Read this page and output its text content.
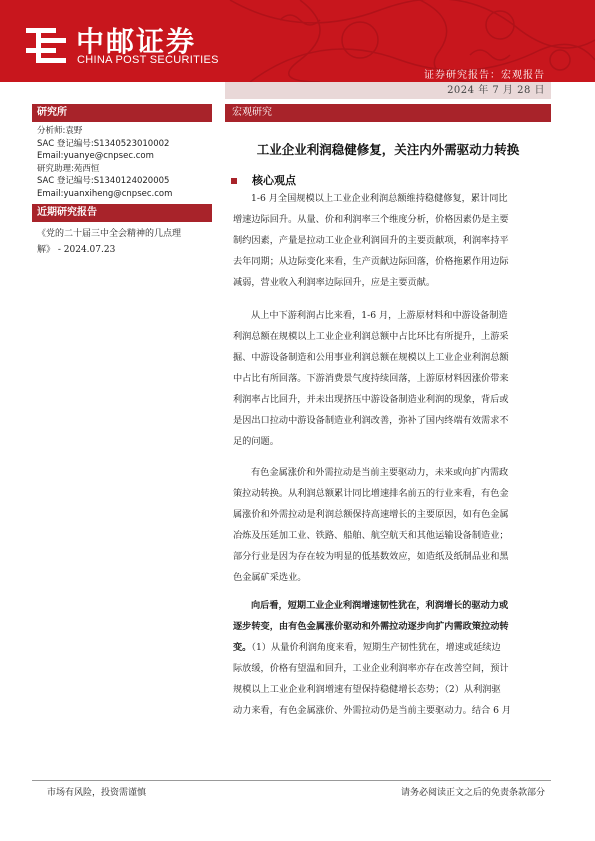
中邮证券
CHINA POST SECURITIES
证券研究报告：宏观报告
2024 年 7 月 28 日
研究所
分析师:袁野
SAC 登记编号:S1340523010002
Email:yuanye@cnpsec.com
研究助理:苑西恒
SAC 登记编号:S1340124020005
Email:yuanxiheng@cnpsec.com
近期研究报告
《党的二十届三中全会精神的几点理
解》 - 2024.07.23
宏观研究
工业企业利润稳健修复，关注内外需驱动力转换
核心观点
1-6 月全国规模以上工业企业利润总额维持稳健修复，累计同比
增速边际回升。从量、价和利润率三个维度分析，价格因素仍是主要
制约因素，产量是拉动工业企业利润回升的主要贡献项，利润率持平
去年同期；从边际变化来看，生产贡献边际回落，价格拖累作用边际
减弱，营业收入利润率边际回升，应是主要贡献。
从上中下游利润占比来看，1-6 月，上游原材料和中游设备制造
利润总额在规模以上工业企业利润总额中占比环比有所提升，上游采
掘、中游设备制造和公用事业利润总额在规模以上工业企业利润总额
中占比有所回落。下游消费景气度持续回落，上游原材料因涨价带来
利润率占比回升，并未出现挤压中游设备制造业利润的现象，背后或
是因出口拉动中游设备制造业利润改善，弥补了国内终端有效需求不
足的问题。
有色金属涨价和外需拉动是当前主要驱动力，未来或向扩内需政
策拉动转换。从利润总额累计同比增速排名前五的行业来看，有色金
属涨价和外需拉动是利润总额保持高速增长的主要原因，如有色金属
冶炼及压延加工业、铁路、船舶、航空航天和其他运输设备制造业；
部分行业是因为存在较为明显的低基数效应，如造纸及纸制品业和黑
色金属矿采选业。
向后看，短期工业企业利润增速韧性犹在，利润增长的驱动力或
逐步转变，由有色金属涨价驱动和外需拉动逐步向扩内需政策拉动转
变。（1）从量价利润角度来看，短期生产韧性犹在，增速或延续边
际放缓，价格有望温和回升，工业企业利润率亦存在改善空间，预计
规模以上工业企业利润增速有望保持稳健增长态势；（2）从利润驱
动力来看，有色金属涨价、外需拉动仍是当前主要驱动力。结合 6 月
市场有风险，投资需谨慎	请务必阅读正文之后的免责条款部分
